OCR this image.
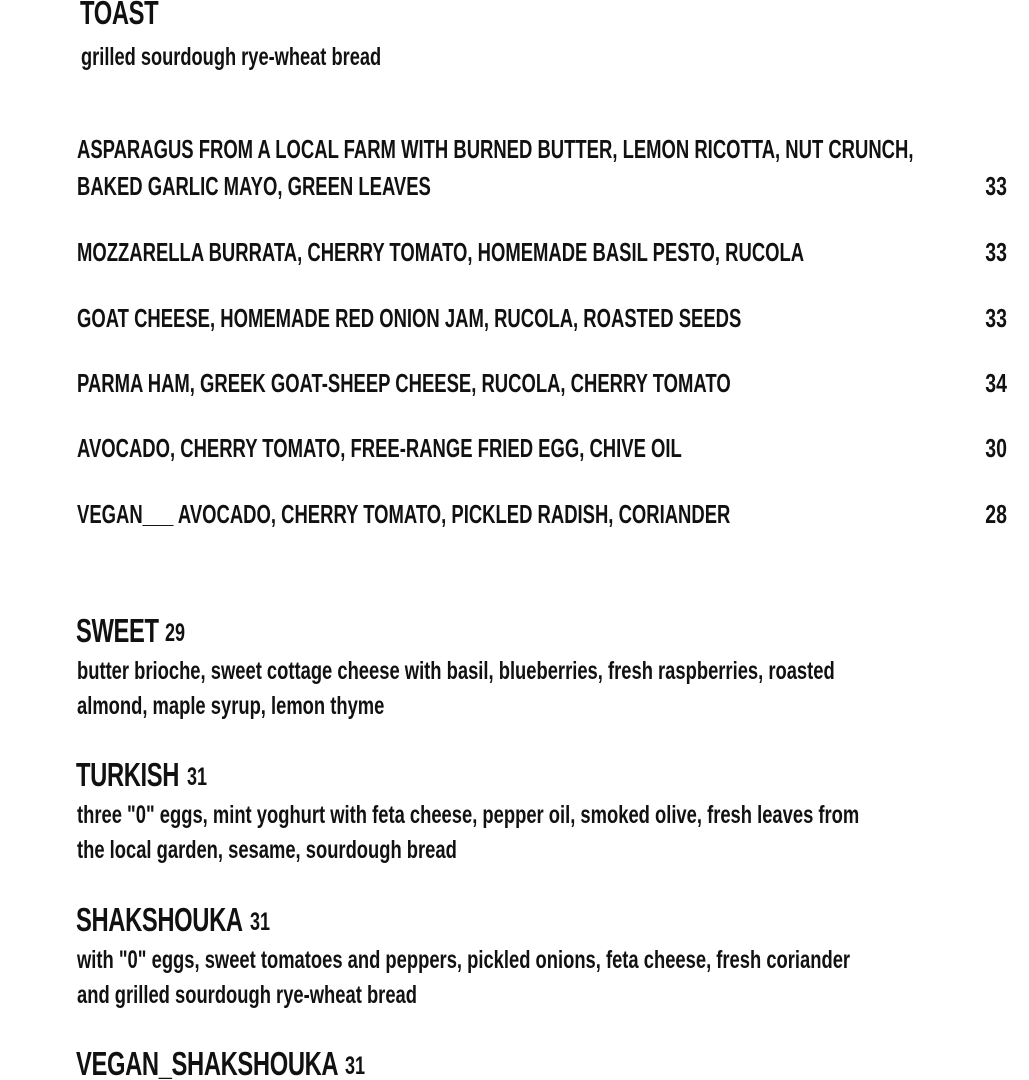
TOAST
grilled sourdough rye-wheat bread
ASPARAGUS FROM A LOCAL FARM WITH BURNED BUTTER, LEMON RICOTTA, NUT CRUNCH,
BAKED GARLIC MAYO, GREEN LEAVES	33
MOZZARELLA BURRATA, CHERRY TOMATO, HOMEMADE BASIL PESTO, RUCOLA	33
GOAT CHEESE, HOMEMADE RED ONION JAM, RUCOLA, ROASTED SEEDS	33
PARMA HAM, GREEK GOAT-SHEEP CHEESE, RUCOLA, CHERRY TOMATO	34
AVOCADO, CHERRY TOMATO, FREE-RANGE FRIED EGG, CHIVE OIL	30
VEGAN___ AVOCADO, CHERRY TOMATO, PICKLED RADISH, CORIANDER	28
SWEET 29
butter brioche, sweet cottage cheese with basil, blueberries, fresh raspberries, roasted
almond, maple syrup, lemon thyme
TURKISH 31
three "0" eggs, mint yoghurt with feta cheese, pepper oil, smoked olive, fresh leaves from
the local garden, sesame, sourdough bread
SHAKSHOUKA 31
with "0" eggs, sweet tomatoes and peppers, pickled onions, feta cheese, fresh coriander
and grilled sourdough rye-wheat bread
VEGAN_SHAKSHOUKA 31
